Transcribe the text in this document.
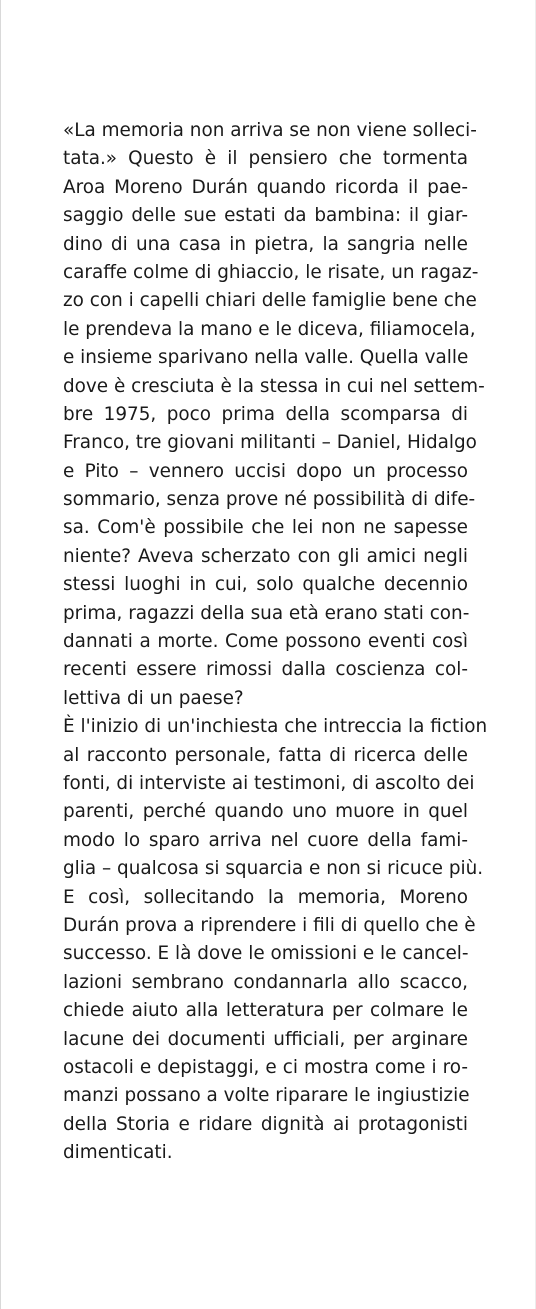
«La memoria non arriva se non viene solleci-
tata.» Questo è il pensiero che tormenta
Aroa Moreno Durán quando ricorda il pae-
saggio delle sue estati da bambina: il giar-
dino di una casa in pietra, la sangria nelle
caraffe colme di ghiaccio, le risate, un ragaz-
zo con i capelli chiari delle famiglie bene che
le prendeva la mano e le diceva, filiamocela,
e insieme sparivano nella valle. Quella valle
dove è cresciuta è la stessa in cui nel settem-
bre 1975, poco prima della scomparsa di
Franco, tre giovani militanti – Daniel, Hidalgo
e Pito – vennero uccisi dopo un processo
sommario, senza prove né possibilità di dife-
sa. Com'è possibile che lei non ne sapesse
niente? Aveva scherzato con gli amici negli
stessi luoghi in cui, solo qualche decennio
prima, ragazzi della sua età erano stati con-
dannati a morte. Come possono eventi così
recenti essere rimossi dalla coscienza col-
lettiva di un paese?
È l'inizio di un'inchiesta che intreccia la fiction
al racconto personale, fatta di ricerca delle
fonti, di interviste ai testimoni, di ascolto dei
parenti, perché quando uno muore in quel
modo lo sparo arriva nel cuore della fami-
glia – qualcosa si squarcia e non si ricuce più.
E così, sollecitando la memoria, Moreno
Durán prova a riprendere i fili di quello che è
successo. E là dove le omissioni e le cancel-
lazioni sembrano condannarla allo scacco,
chiede aiuto alla letteratura per colmare le
lacune dei documenti ufficiali, per arginare
ostacoli e depistaggi, e ci mostra come i ro-
manzi possano a volte riparare le ingiustizie
della Storia e ridare dignità ai protagonisti
dimenticati.
